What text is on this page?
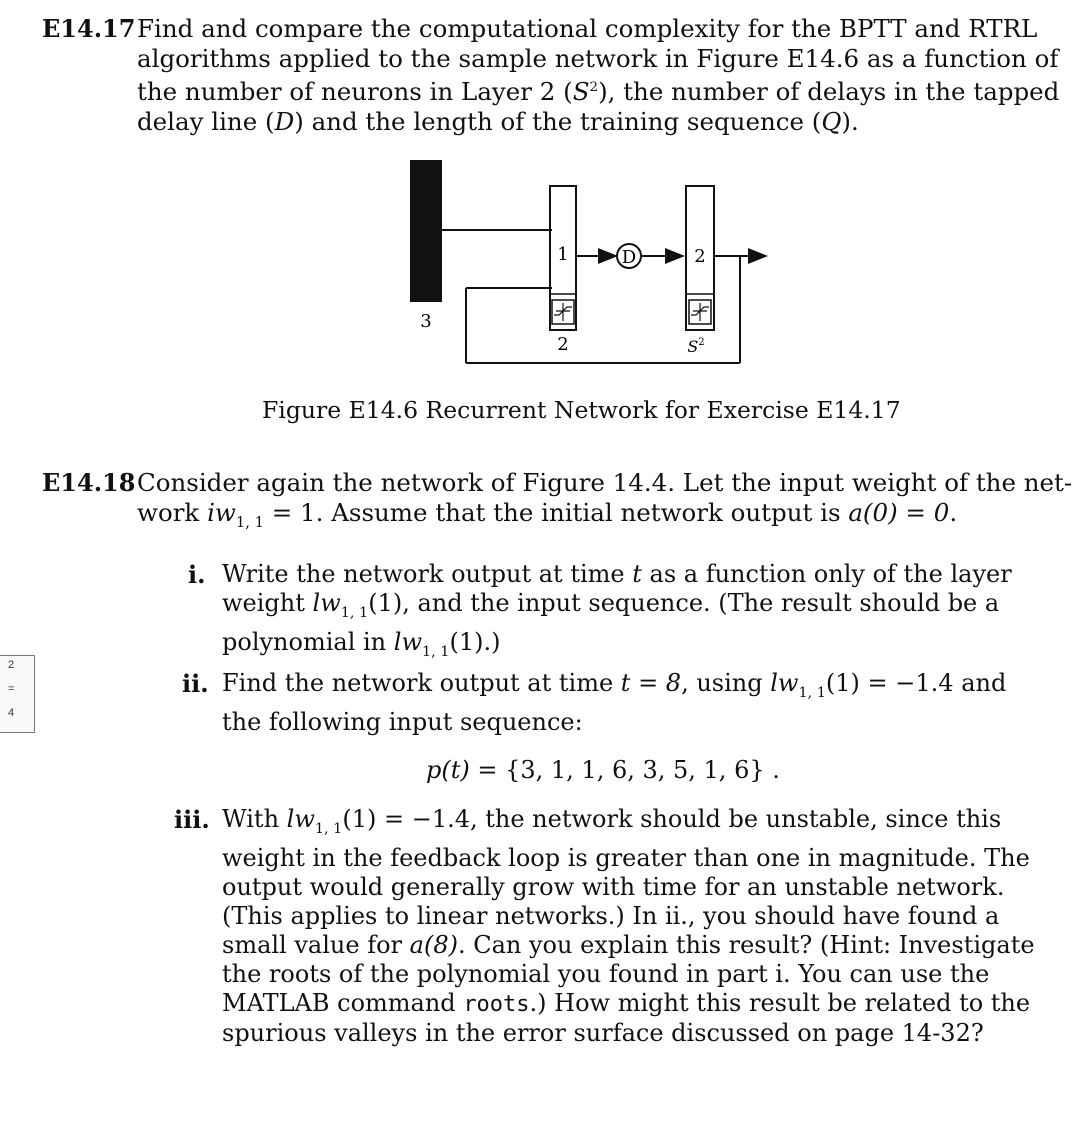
E14.17 Find and compare the computational complexity for the BPTT and RTRL
algorithms applied to the sample network in Figure E14.6 as a function of
the number of neurons in Layer 2 $(S^2)$, the number of delays in the tapped
delay line (D) and the length of the training sequence (Q).
3
1
2
D	2
$S^2$
Figure E14.6 Recurrent Network for Exercise E14.17
E14.18 Consider again the network of Figure 14.4. Let the input weight of the net-
work $iw_{1, 1} = 1$. Assume that the initial network output is a(0) = 0.
i. Write the network output at time t as a function only of the layer
weight $lw_{1, 1}(1)$, and the input sequence. (The result should be a
polynomial in $lw_{1, 1}(1)$.)
ii. Find the network output at time t = 8, using $lw_{1, 1}(1) = -1.4$ and
the following input sequence:
p(t) = {3, 1, 1, 6, 3, 5, 1, 6} .
iii. With $lw_{1, 1}(1) = -1.4$, the network should be unstable, since this
weight in the feedback loop is greater than one in magnitude. The
output would generally grow with time for an unstable network.
(This applies to linear networks.) In ii., you should have found a
small value for a(8). Can you explain this result? (Hint: Investigate
the roots of the polynomial you found in part i. You can use the
MATLAB command roots.) How might this result be related to the
spurious valleys in the error surface discussed on page 14-32?
2
=
4
